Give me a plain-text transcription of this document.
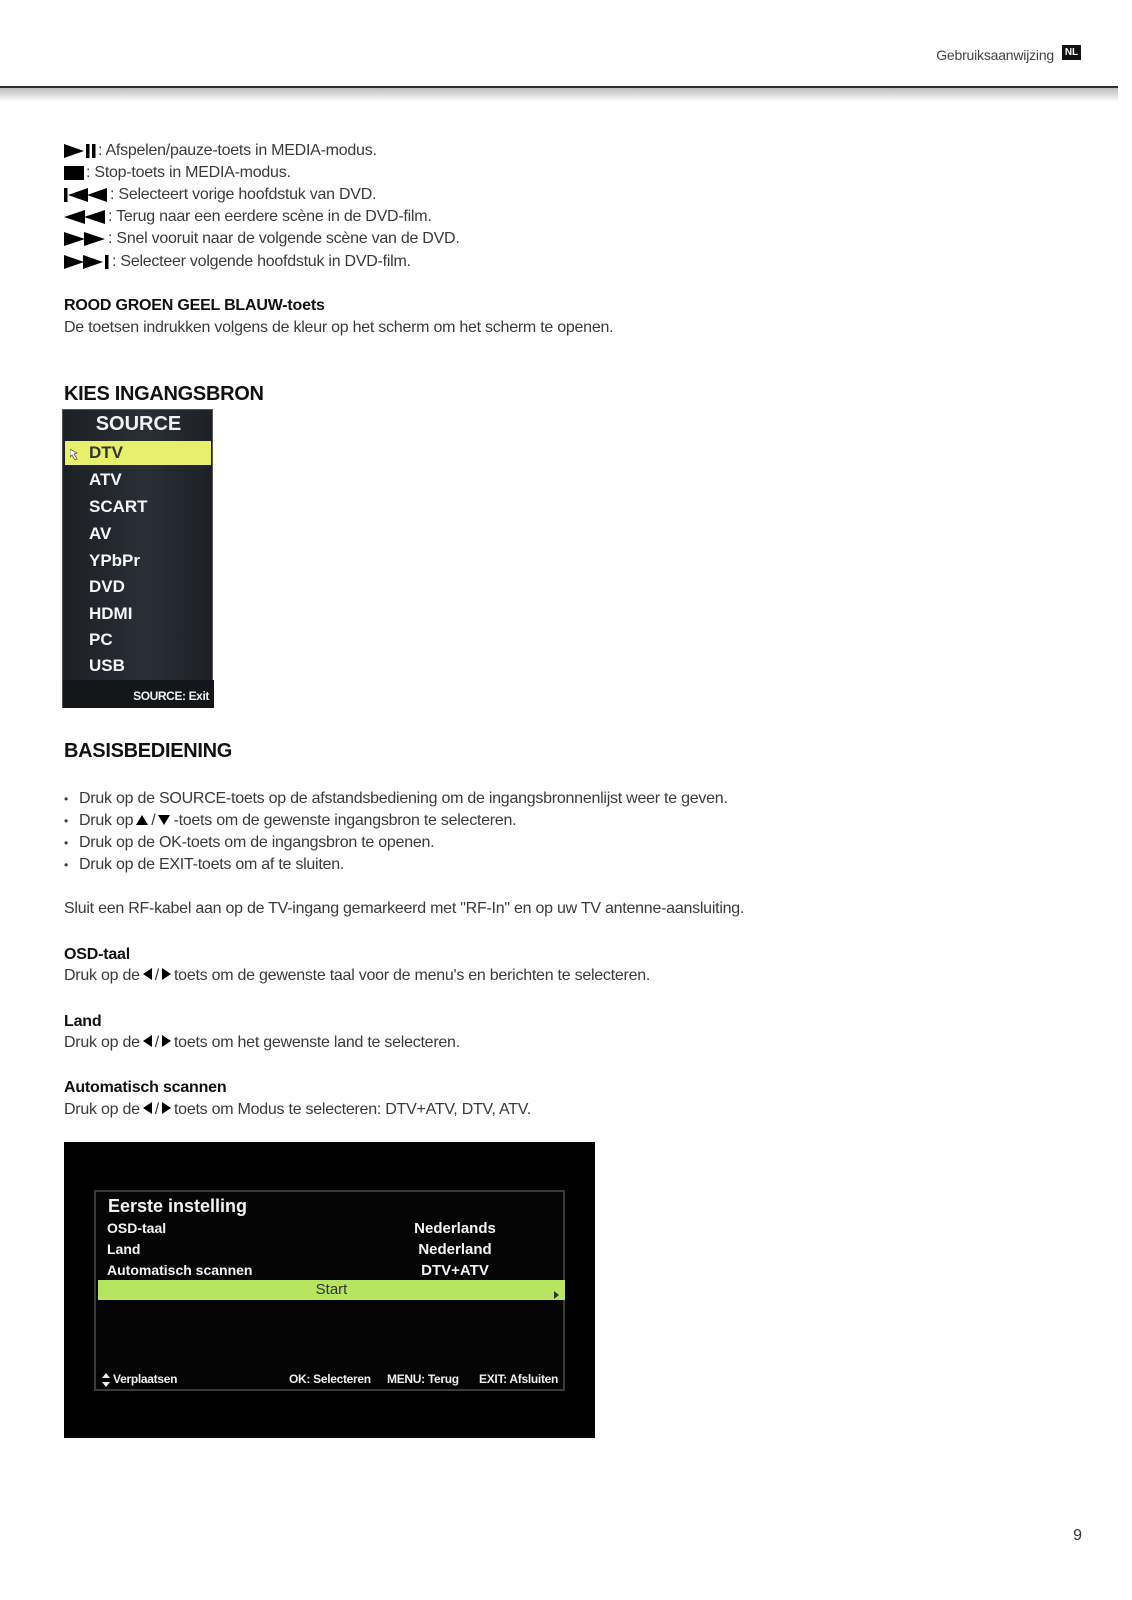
Gebruiksaanwijzing NL
: Afspelen/pauze-toets in MEDIA-modus.
: Stop-toets in MEDIA-modus.
: Selecteert vorige hoofdstuk van DVD.
: Terug naar een eerdere scène in de DVD-film.
: Snel vooruit naar de volgende scène van de DVD.
: Selecteer volgende hoofdstuk in DVD-film.
ROOD GROEN GEEL BLAUW-toets
De toetsen indrukken volgens de kleur op het scherm om het scherm te openen.
KIES INGANGSBRON
SOURCE
DTV
ATV
SCART
AV
YPbPr
DVD
HDMI
PC
USB
SOURCE: Exit
BASISBEDIENING
• Druk op de SOURCE-toets op de afstandsbediening om de ingangsbronnenlijst weer te geven.
• Druk op / -toets om de gewenste ingangsbron te selecteren.
• Druk op de OK-toets om de ingangsbron te openen.
• Druk op de EXIT-toets om af te sluiten.
Sluit een RF-kabel aan op de TV-ingang gemarkeerd met "RF-In" en op uw TV antenne-aansluiting.
OSD-taal
Druk op de / toets om de gewenste taal voor de menu's en berichten te selecteren.
Land
Druk op de / toets om het gewenste land te selecteren.
Automatisch scannen
Druk op de / toets om Modus te selecteren: DTV+ATV, DTV, ATV.
Eerste instelling
OSD-taal	Nederlands
Land	Nederland
Automatisch scannen	DTV+ATV
Start
Verplaatsen	OK: Selecteren MENU: Terug EXIT: Afsluiten
9
